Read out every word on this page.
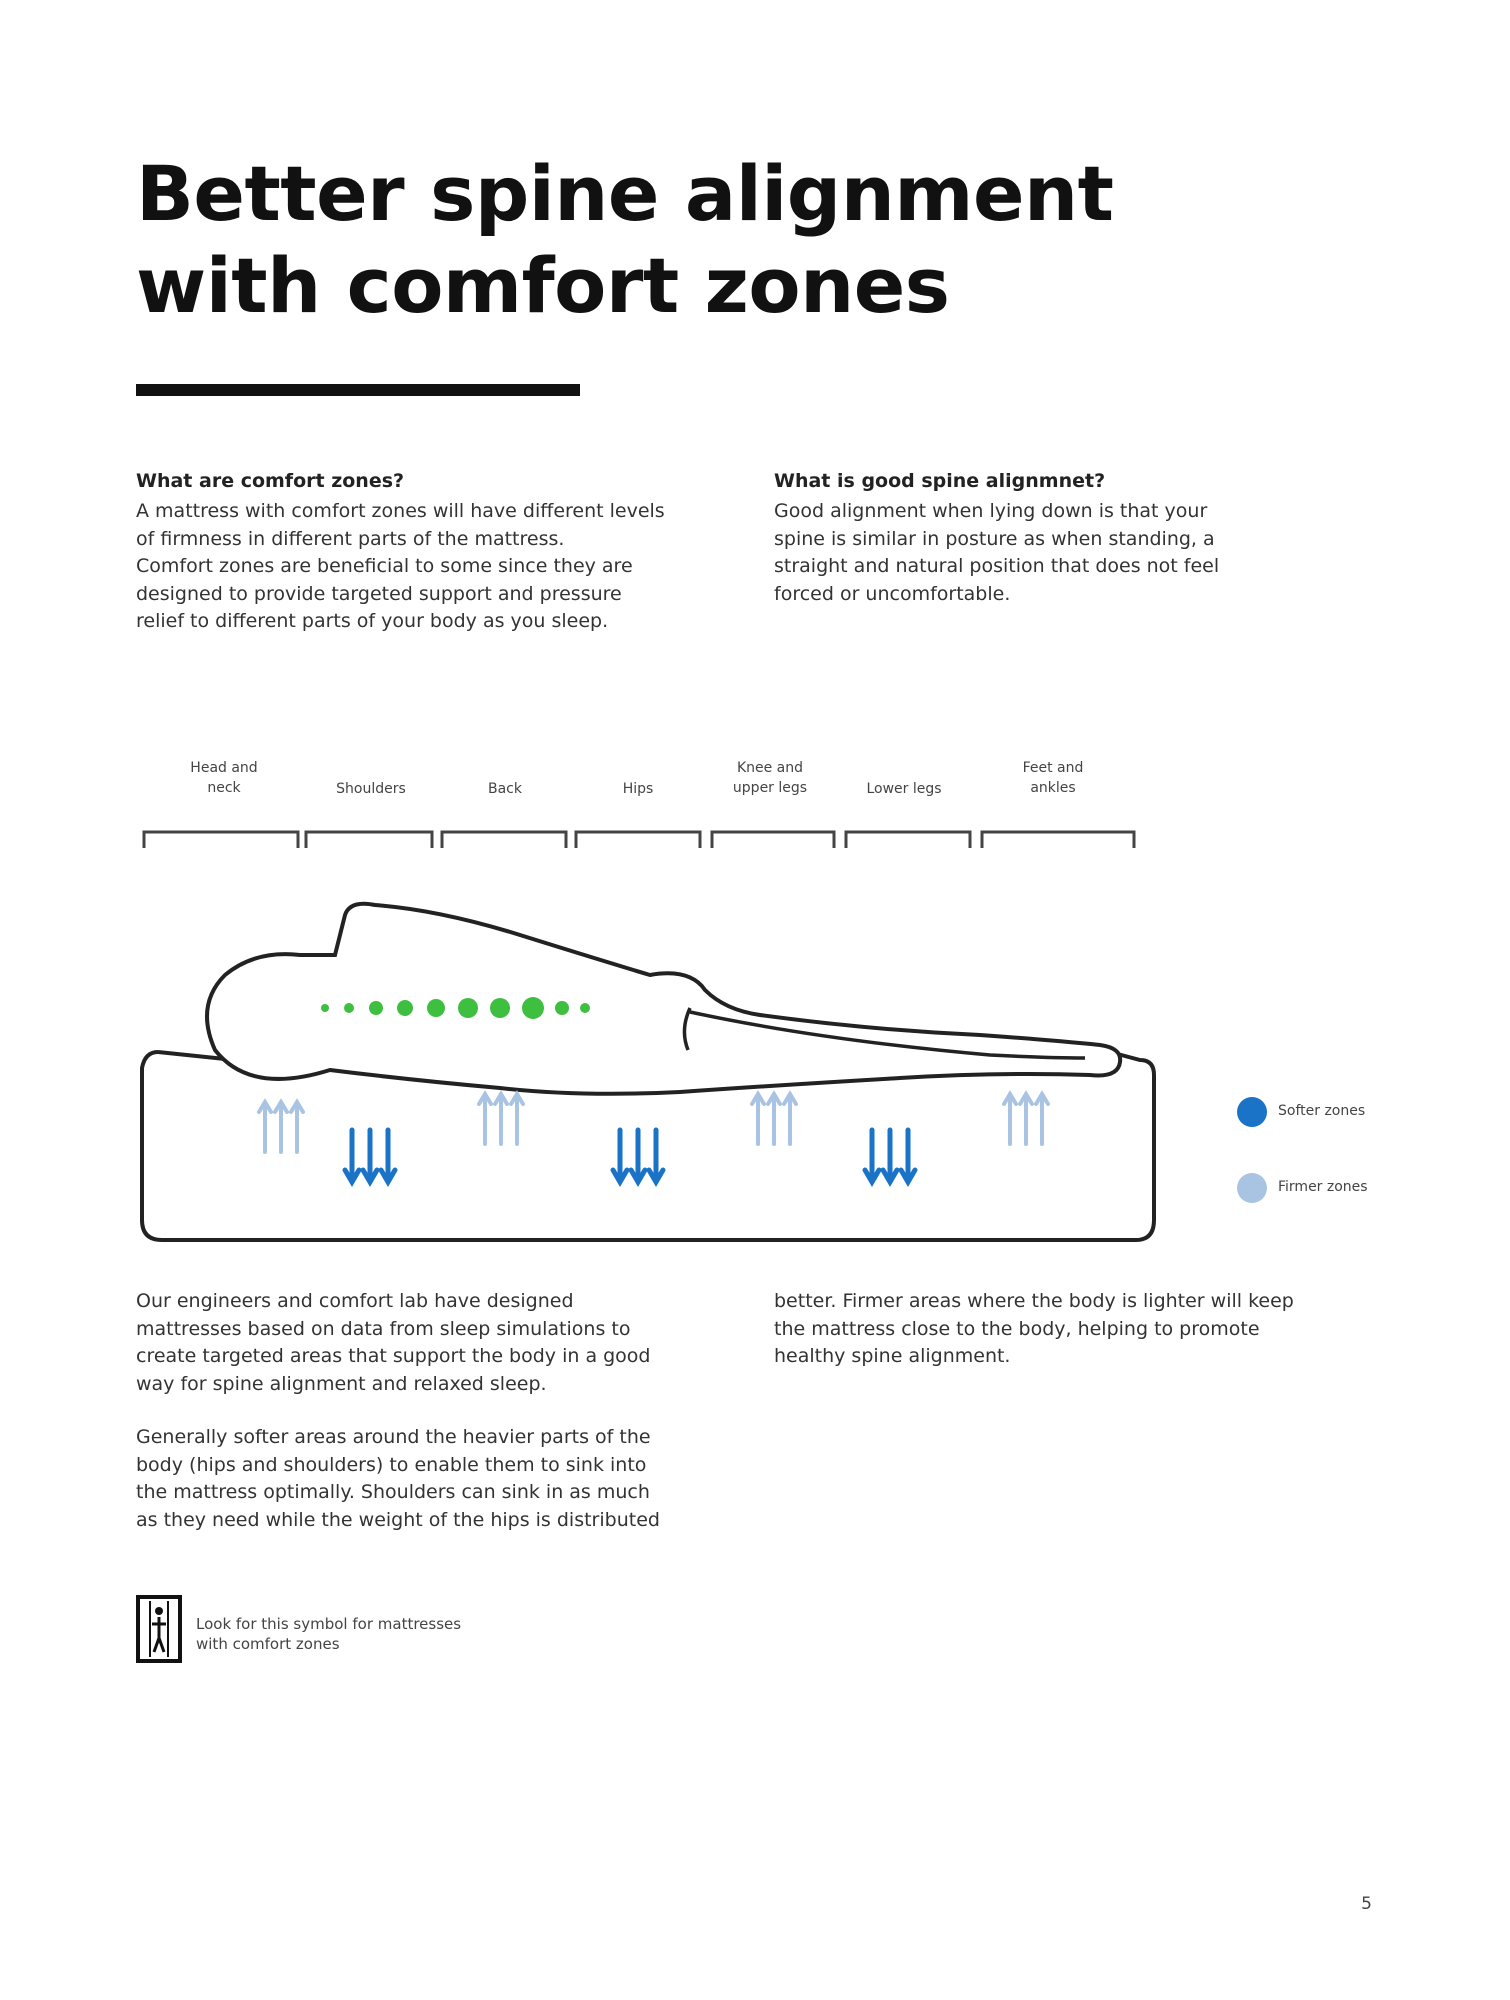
Better spine alignment
with comfort zones
What are comfort zones?
A mattress with comfort zones will have different levels
of firmness in different parts of the mattress.
Comfort zones are beneficial to some since they are
designed to provide targeted support and pressure
relief to different parts of your body as you sleep.
What is good spine alignmnet?
Good alignment when lying down is that your
spine is similar in posture as when standing, a
straight and natural position that does not feel
forced or uncomfortable.
Head and
neck	Shoulders	Back	Hips
Knee and
upper legs	Lower legs
Feet and
ankles
Softer zones
Firmer zones
Our engineers and comfort lab have designed
mattresses based on data from sleep simulations to
create targeted areas that support the body in a good
way for spine alignment and relaxed sleep.
Generally softer areas around the heavier parts of the
body (hips and shoulders) to enable them to sink into
the mattress optimally. Shoulders can sink in as much
as they need while the weight of the hips is distributed
better. Firmer areas where the body is lighter will keep
the mattress close to the body, helping to promote
healthy spine alignment.
Look for this symbol for mattresses
with comfort zones
5
